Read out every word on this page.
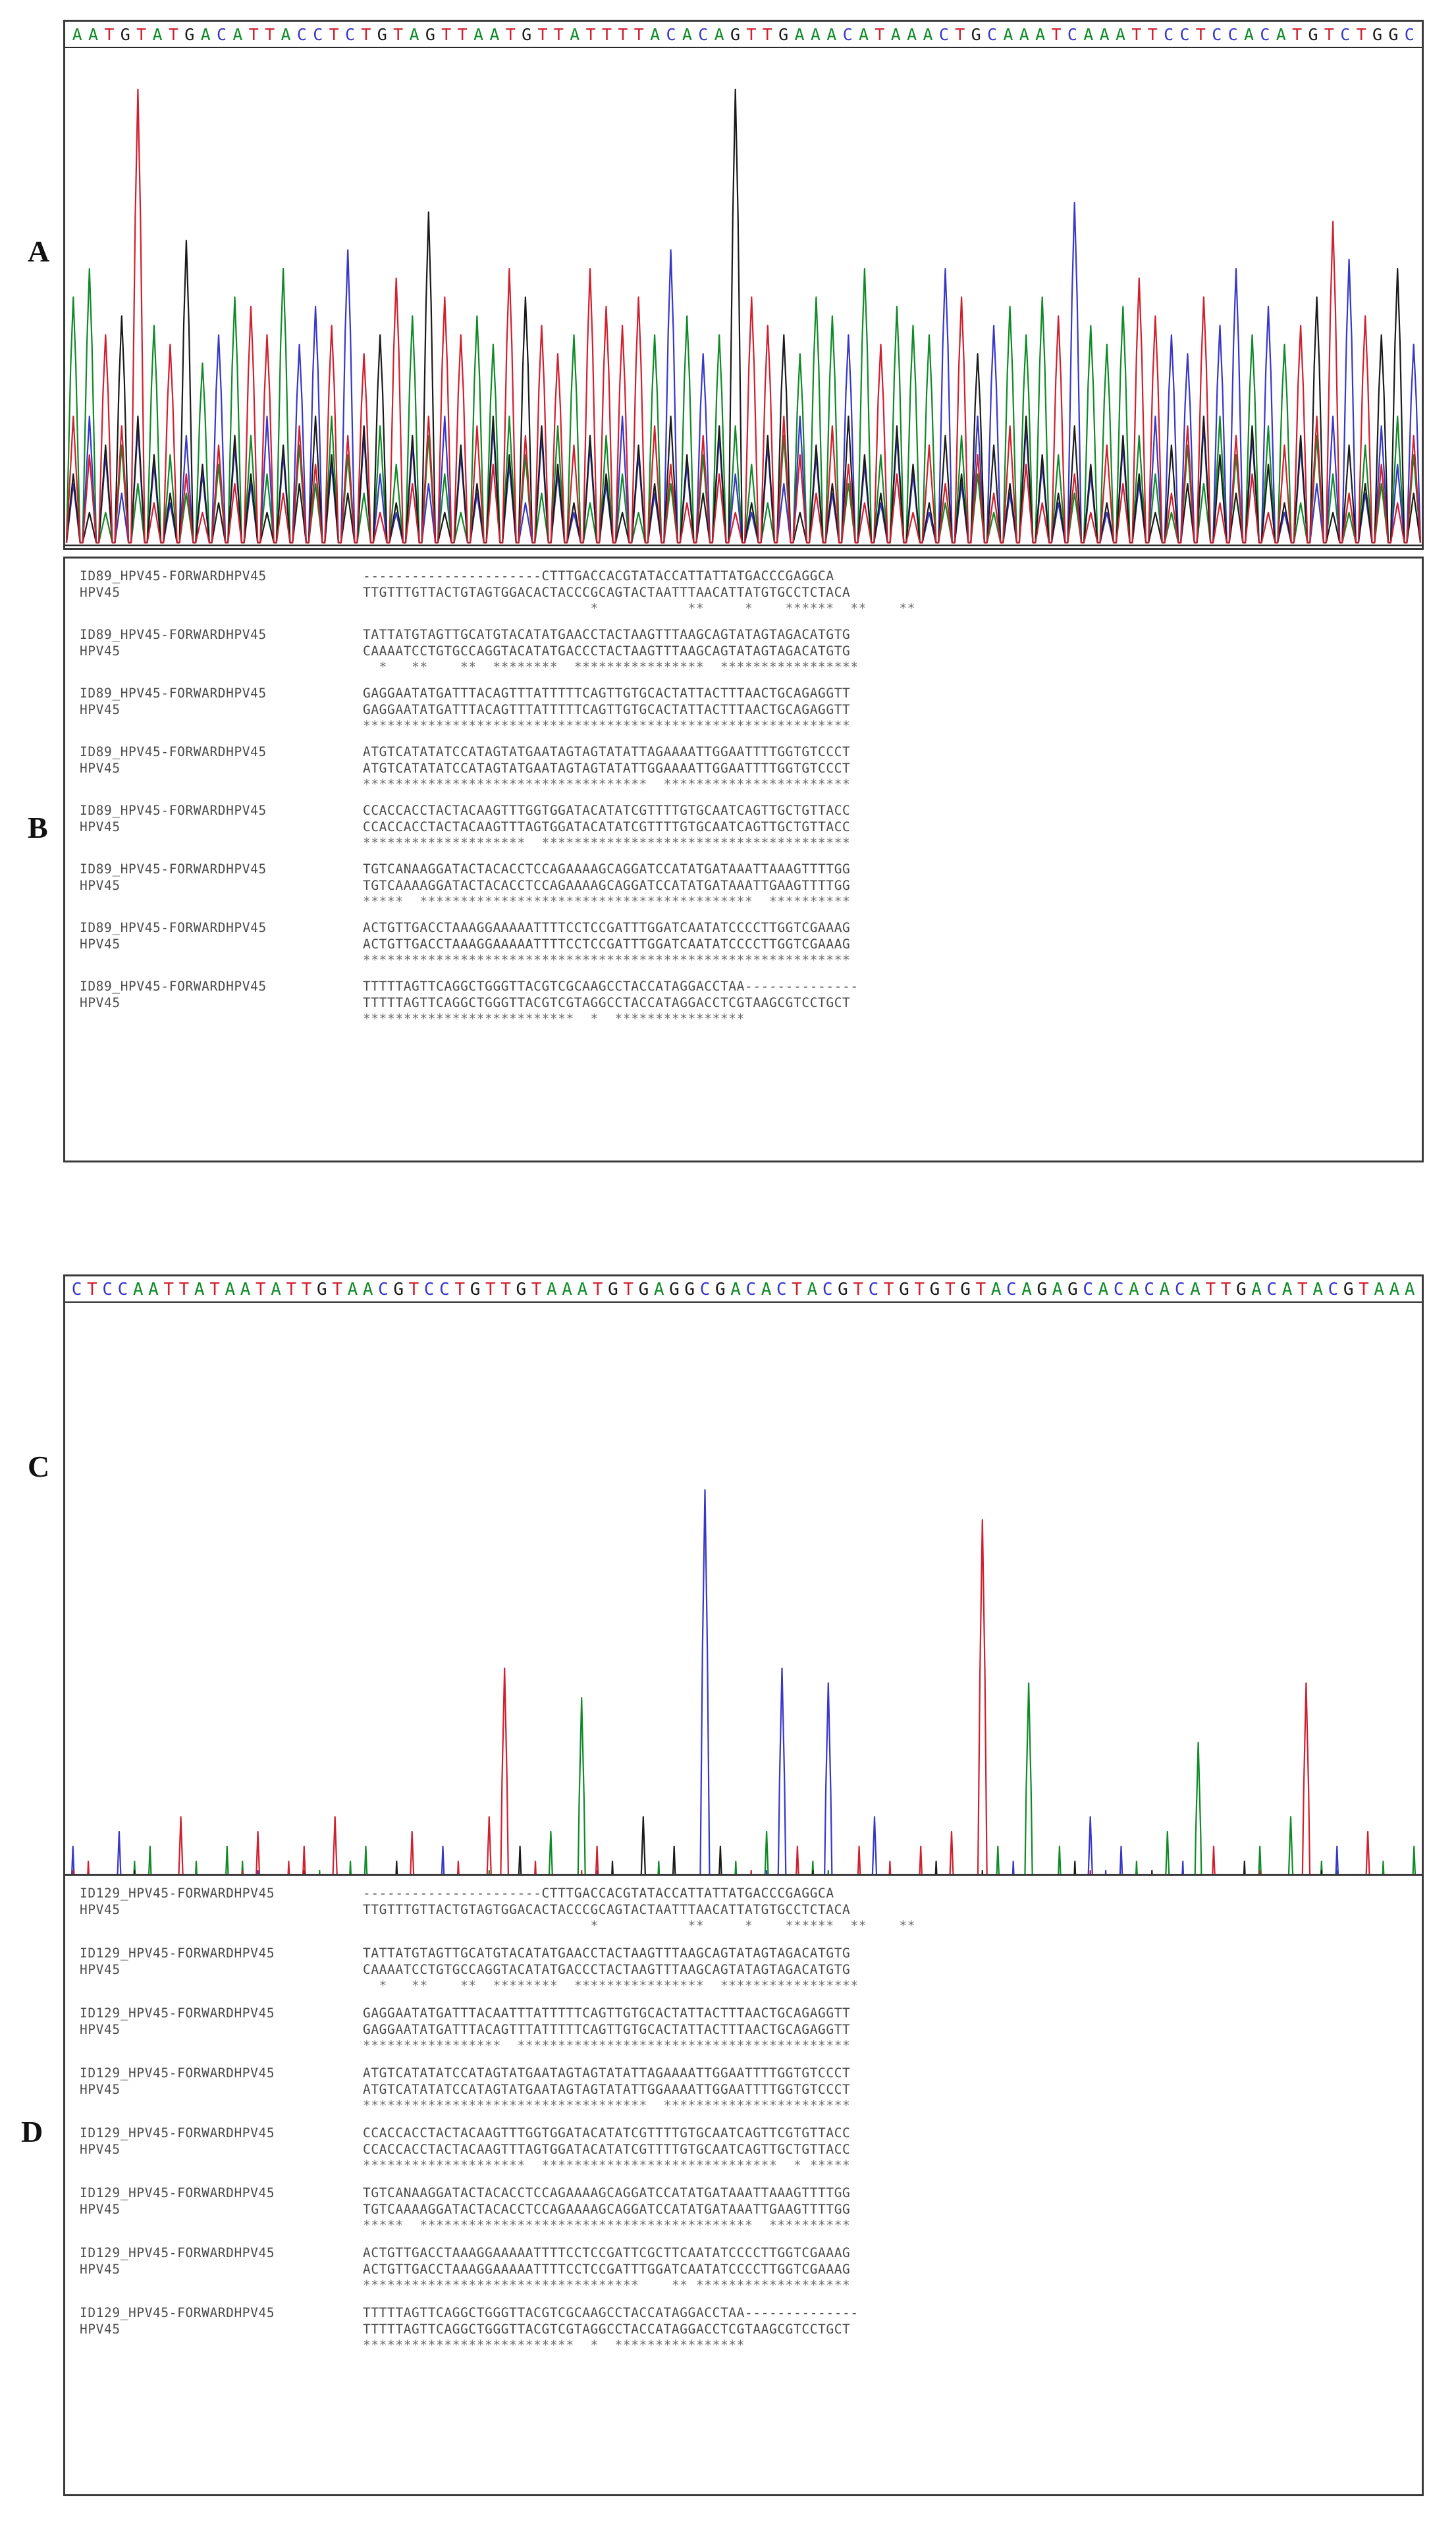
A
A A T G T A T G A C A T T A C C T C T G T A G T T A A T G T T A T T T T A C A C A G T T G A A A C A T A A A C T G C A A A T C A A A T T C C T C C A C A T G T C T G G C
B
ID89_HPV45-FORWARDHPV45	----------------------CTTTGACCACGTATACCATTATTATGACCCGAGGCA
HPV45	TTGTTTGTTACTGTAGTGGACACTACCCGCAGTACTAATTTAACATTATGTGCCTCTACA
*           **     *    ******  **    **
ID89_HPV45-FORWARDHPV45	TATTATGTAGTTGCATGTACATATGAACCTACTAAGTTTAAGCAGTATAGTAGACATGTG
HPV45	CAAAATCCTGTGCCAGGTACATATGACCCTACTAAGTTTAAGCAGTATAGTAGACATGTG
*   **    **  ********  ****************  *****************
ID89_HPV45-FORWARDHPV45	GAGGAATATGATTTACAGTTTATTTTTCAGTTGTGCACTATTACTTTAACTGCAGAGGTT
HPV45	GAGGAATATGATTTACAGTTTATTTTTCAGTTGTGCACTATTACTTTAACTGCAGAGGTT
************************************************************
ID89_HPV45-FORWARDHPV45	ATGTCATATATCCATAGTATGAATAGTAGTATATTAGAAAATTGGAATTTTGGTGTCCCT
HPV45	ATGTCATATATCCATAGTATGAATAGTAGTATATTGGAAAATTGGAATTTTGGTGTCCCT
***********************************  ***********************
ID89_HPV45-FORWARDHPV45	CCACCACCTACTACAAGTTTGGTGGATACATATCGTTTTGTGCAATCAGTTGCTGTTACC
HPV45	CCACCACCTACTACAAGTTTAGTGGATACATATCGTTTTGTGCAATCAGTTGCTGTTACC
********************  **************************************
ID89_HPV45-FORWARDHPV45	TGTCANAAGGATACTACACCTCCAGAAAAGCAGGATCCATATGATAAATTAAAGTTTTGG
HPV45	TGTCAAAAGGATACTACACCTCCAGAAAAGCAGGATCCATATGATAAATTGAAGTTTTGG
*****  *****************************************  **********
ID89_HPV45-FORWARDHPV45	ACTGTTGACCTAAAGGAAAAATTTTCCTCCGATTTGGATCAATATCCCCTTGGTCGAAAG
HPV45	ACTGTTGACCTAAAGGAAAAATTTTCCTCCGATTTGGATCAATATCCCCTTGGTCGAAAG
************************************************************
ID89_HPV45-FORWARDHPV45	TTTTTAGTTCAGGCTGGGTTACGTCGCAAGCCTACCATAGGACCTAA--------------
HPV45	TTTTTAGTTCAGGCTGGGTTACGTCGTAGGCCTACCATAGGACCTCGTAAGCGTCCTGCT
**************************  *  ****************
C
C T C C A A T T A T A A T A T T G T A A C G T C C T G T T G T A A A T G T G A G G C G A C A C T A C G T C T G T G T G T A C A G A G C A C A C A C A T T G A C A T A C G T A A A
D
ID129_HPV45-FORWARDHPV45	----------------------CTTTGACCACGTATACCATTATTATGACCCGAGGCA
HPV45	TTGTTTGTTACTGTAGTGGACACTACCCGCAGTACTAATTTAACATTATGTGCCTCTACA
*           **     *    ******  **    **
ID129_HPV45-FORWARDHPV45	TATTATGTAGTTGCATGTACATATGAACCTACTAAGTTTAAGCAGTATAGTAGACATGTG
HPV45	CAAAATCCTGTGCCAGGTACATATGACCCTACTAAGTTTAAGCAGTATAGTAGACATGTG
*   **    **  ********  ****************  *****************
ID129_HPV45-FORWARDHPV45	GAGGAATATGATTTACAATTTATTTTTCAGTTGTGCACTATTACTTTAACTGCAGAGGTT
HPV45	GAGGAATATGATTTACAGTTTATTTTTCAGTTGTGCACTATTACTTTAACTGCAGAGGTT
*****************  *****************************************
ID129_HPV45-FORWARDHPV45	ATGTCATATATCCATAGTATGAATAGTAGTATATTAGAAAATTGGAATTTTGGTGTCCCT
HPV45	ATGTCATATATCCATAGTATGAATAGTAGTATATTGGAAAATTGGAATTTTGGTGTCCCT
***********************************  ***********************
ID129_HPV45-FORWARDHPV45	CCACCACCTACTACAAGTTTGGTGGATACATATCGTTTTGTGCAATCAGTTCGTGTTACC
HPV45	CCACCACCTACTACAAGTTTAGTGGATACATATCGTTTTGTGCAATCAGTTGCTGTTACC
********************  *****************************  * *****
ID129_HPV45-FORWARDHPV45	TGTCANAAGGATACTACACCTCCAGAAAAGCAGGATCCATATGATAAATTAAAGTTTTGG
HPV45	TGTCAAAAGGATACTACACCTCCAGAAAAGCAGGATCCATATGATAAATTGAAGTTTTGG
*****  *****************************************  **********
ID129_HPV45-FORWARDHPV45	ACTGTTGACCTAAAGGAAAAATTTTCCTCCGATTCGCTTCAATATCCCCTTGGTCGAAAG
HPV45	ACTGTTGACCTAAAGGAAAAATTTTCCTCCGATTTGGATCAATATCCCCTTGGTCGAAAG
**********************************    ** *******************
ID129_HPV45-FORWARDHPV45	TTTTTAGTTCAGGCTGGGTTACGTCGCAAGCCTACCATAGGACCTAA--------------
HPV45	TTTTTAGTTCAGGCTGGGTTACGTCGTAGGCCTACCATAGGACCTCGTAAGCGTCCTGCT
**************************  *  ****************
